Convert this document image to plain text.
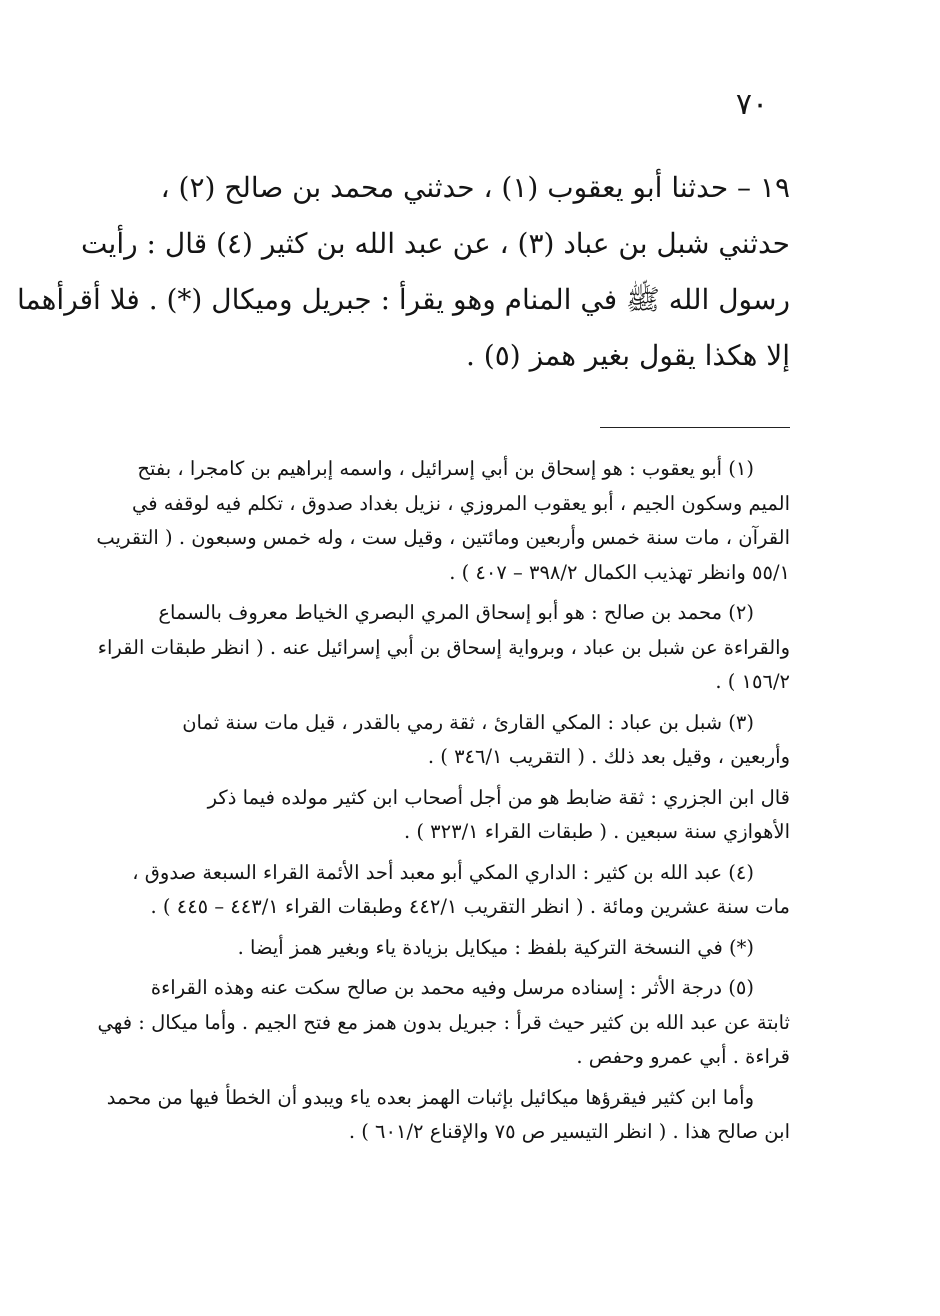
٧٠
١٩ – حدثنا أبو يعقوب (١) ، حدثني محمد بن صالح (٢) ،
حدثني شبل بن عباد (٣) ، عن عبد الله بن كثير (٤) قال : رأيت
رسول الله ﷺ في المنام وهو يقرأ : جبريل وميكال (*) . فلا أقرأهما
إلا هكذا يقول بغير همز (٥) .
(١) أبو يعقوب : هو إسحاق بن أبي إسرائيل ، واسمه إبراهيم بن كامجرا ، بفتح
الميم وسكون الجيم ، أبو يعقوب المروزي ، نزيل بغداد صدوق ، تكلم فيه لوقفه في
القرآن ، مات سنة خمس وأربعين ومائتين ، وقيل ست ، وله خمس وسبعون . ( التقريب
٥٥/١ وانظر تهذيب الكمال ٣٩٨/٢ – ٤٠٧ ) .
(٢) محمد بن صالح : هو أبو إسحاق المري البصري الخياط معروف بالسماع
والقراءة عن شبل بن عباد ، وبرواية إسحاق بن أبي إسرائيل عنه . ( انظر طبقات القراء
١٥٦/٢ ) .
(٣) شبل بن عباد : المكي القارئ ، ثقة رمي بالقدر ، قيل مات سنة ثمان
وأربعين ، وقيل بعد ذلك . ( التقريب ٣٤٦/١ ) .
قال ابن الجزري : ثقة ضابط هو من أجل أصحاب ابن كثير مولده فيما ذكر
الأهوازي سنة سبعين . ( طبقات القراء ٣٢٣/١ ) .
(٤) عبد الله بن كثير : الداري المكي أبو معبد أحد الأئمة القراء السبعة صدوق ،
مات سنة عشرين ومائة . ( انظر التقريب ٤٤٢/١ وطبقات القراء ٤٤٣/١ – ٤٤٥ ) .
(*) في النسخة التركية بلفظ : ميكايل بزيادة ياء وبغير همز أيضا .
(٥) درجة الأثر : إسناده مرسل وفيه محمد بن صالح سكت عنه وهذه القراءة
ثابتة عن عبد الله بن كثير حيث قرأ : جبريل بدون همز مع فتح الجيم . وأما ميكال : فهي
قراءة . أبي عمرو وحفص .
وأما ابن كثير فيقرؤها ميكائيل بإثبات الهمز بعده ياء ويبدو أن الخطأ فيها من محمد
ابن صالح هذا . ( انظر التيسير ص ٧٥ والإقناع ٦٠١/٢ ) .
